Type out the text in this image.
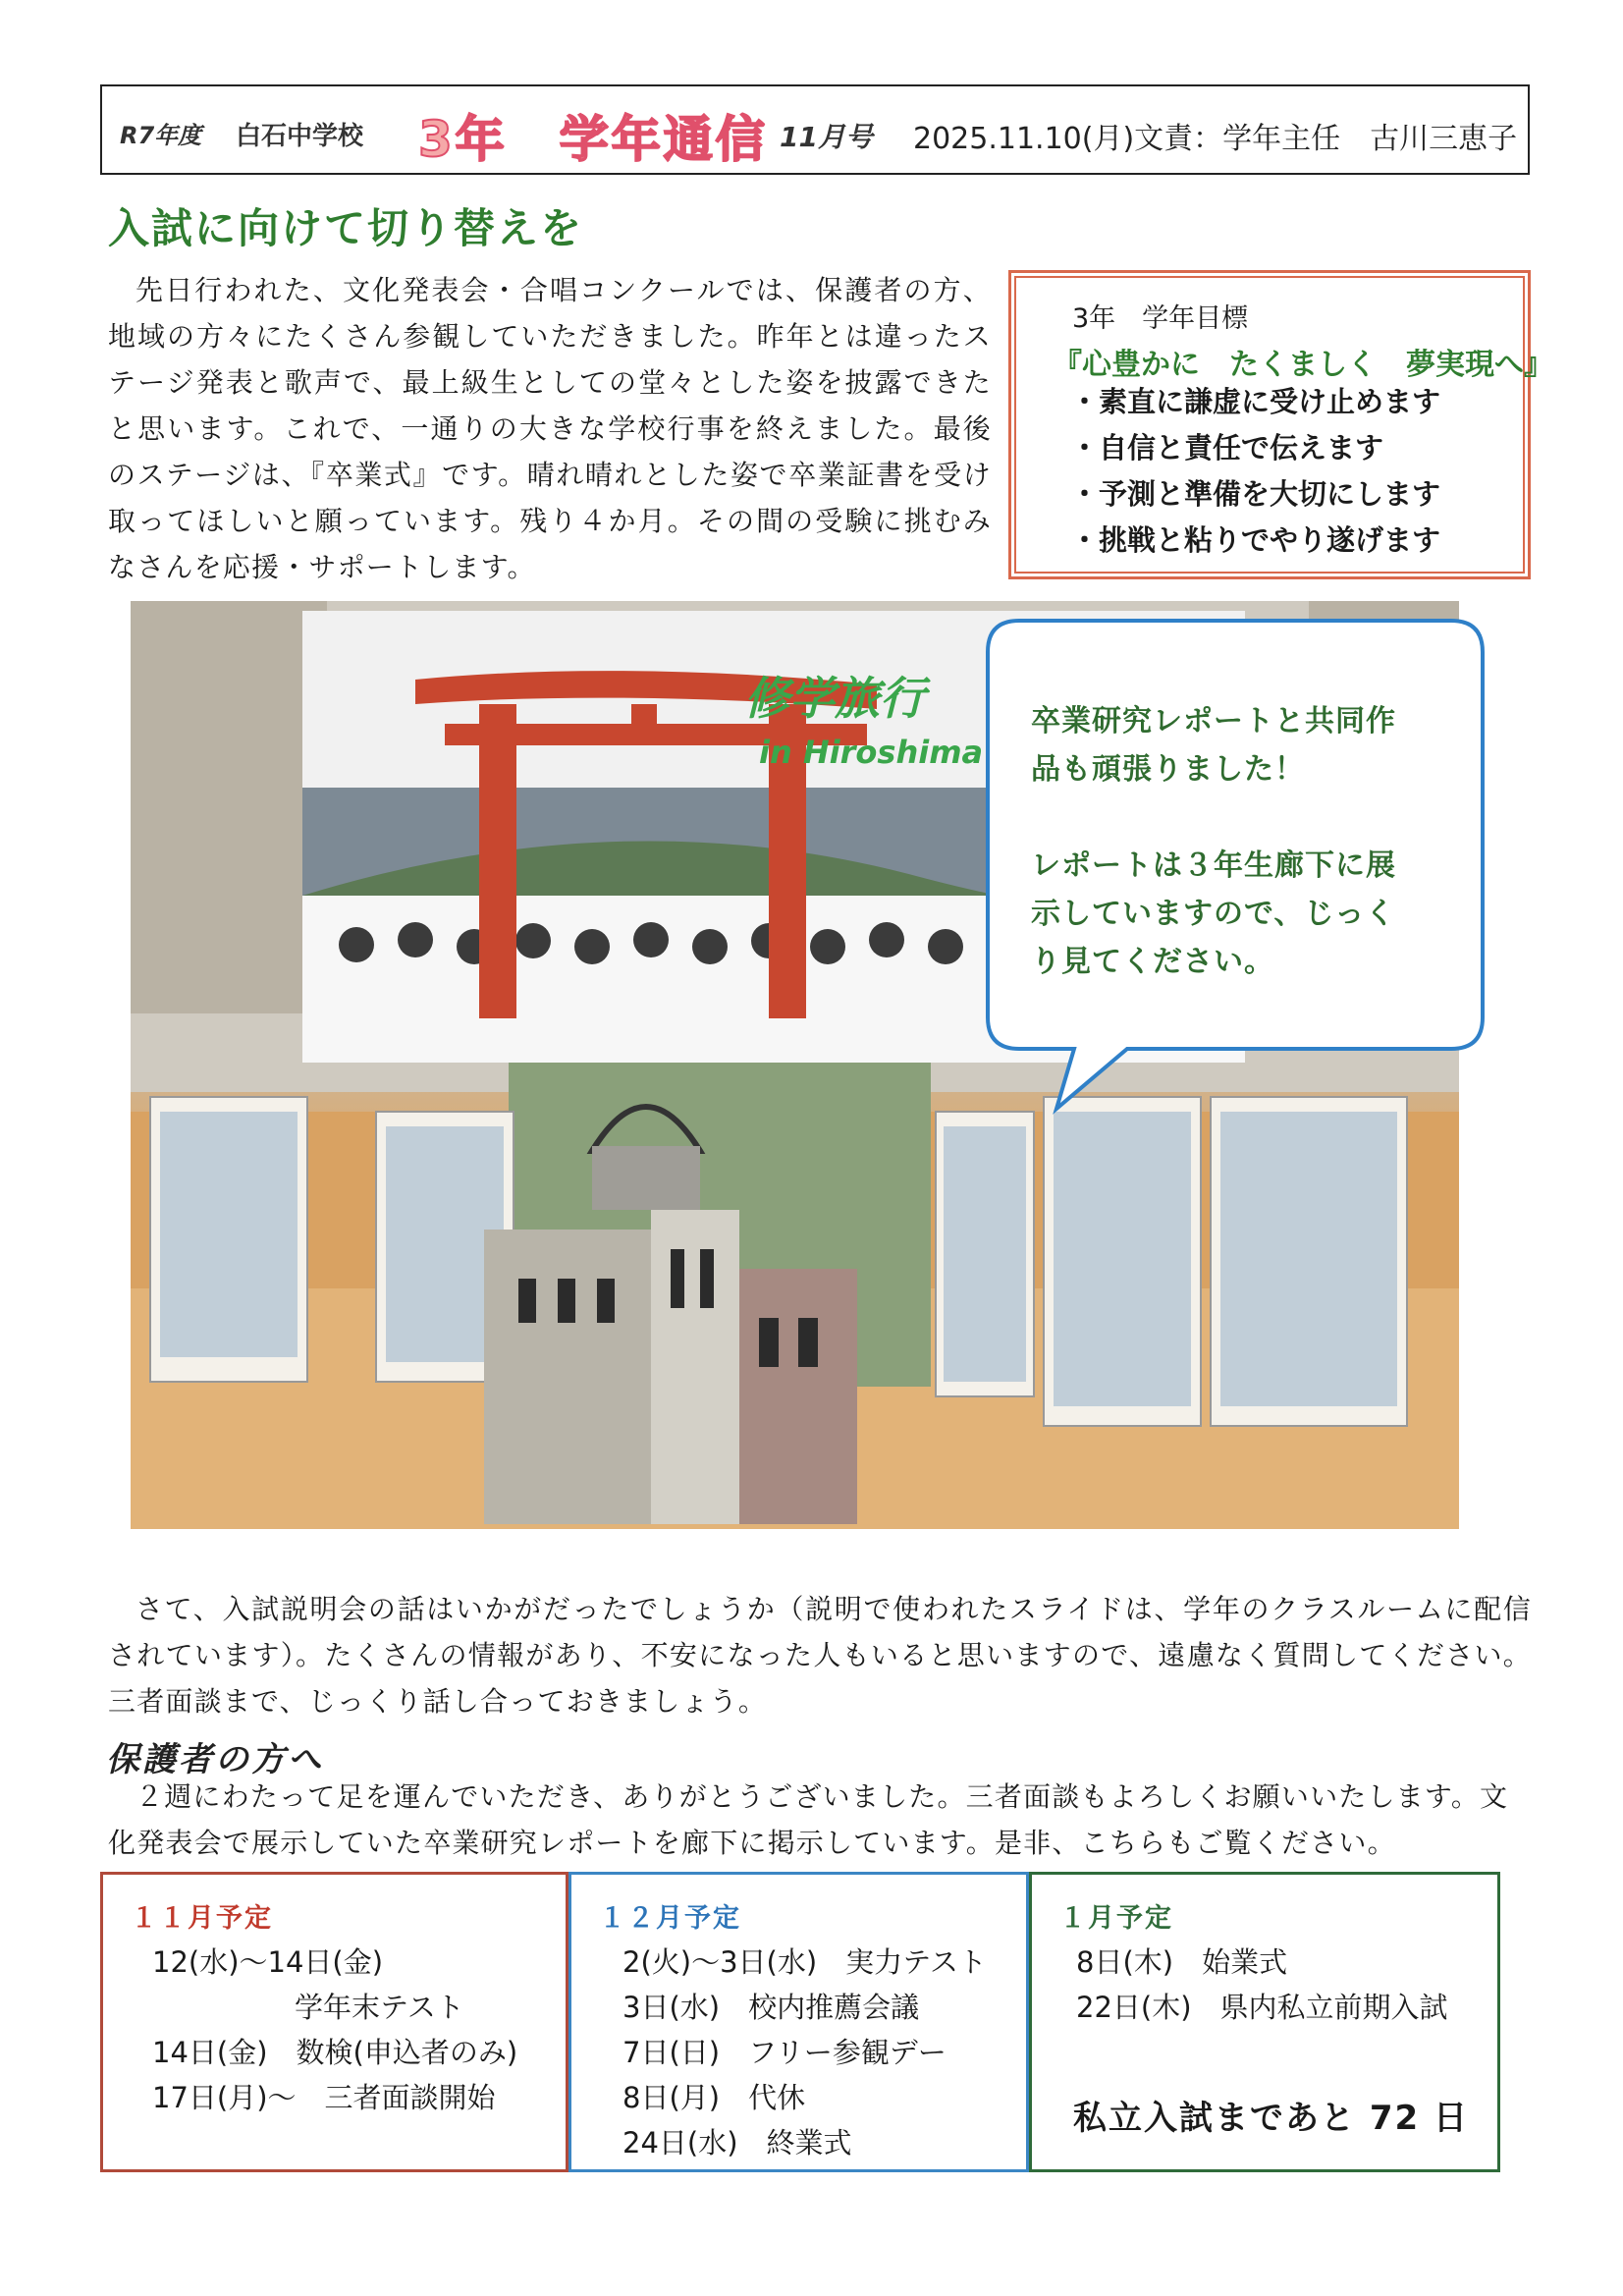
R7年度 白石中学校 3年　学年通信 11月号 2025.11.10(月)文責：学年主任　古川三恵子
入試に向けて切り替えを

先日行われた、文化発表会・合唱コンクールでは、保護者の方、地域の方々にたくさん参観していただきました。昨年とは違ったステージ発表と歌声で、最上級生としての堂々とした姿を披露できたと思います。これで、一通りの大きな学校行事を終えました。最後のステージは、『卒業式』です。晴れ晴れとした姿で卒業証書を受け取ってほしいと願っています。残り４か月。その間の受験に挑むみなさんを応援・サポートします。

3年　学年目標
『心豊かに　たくましく　夢実現へ』
・素直に謙虚に受け止めます
・自信と責任で伝えます
・予測と準備を大切にします
・挑戦と粘りでやり遂げます
修学旅行
in Hiroshima
卒業研究レポートと共同作品も頑張りました！
レポートは３年生廊下に展示していますので、じっくり見てください。

さて、入試説明会の話はいかがだったでしょうか（説明で使われたスライドは、学年のクラスルームに配信されています）。たくさんの情報があり、不安になった人もいると思いますので、遠慮なく質問してください。三者面談まで、じっくり話し合っておきましょう。

保護者の方へ

２週にわたって足を運んでいただき、ありがとうございました。三者面談もよろしくお願いいたします。文化発表会で展示していた卒業研究レポートを廊下に掲示しています。是非、こちらもご覧ください。

１１月予定
12(水)～14日(金)
　　　　　学年末テスト
14日(金)　数検(申込者のみ)
17日(月)～　三者面談開始
１２月予定
2(火)～3日(水)　実力テスト
3日(水)　校内推薦会議
7日(日)　フリー参観デー
8日(月)　代休
24日(水)　終業式
１月予定
8日(木)　始業式
22日(木)　県内私立前期入試
私立入試まであと 72 日
